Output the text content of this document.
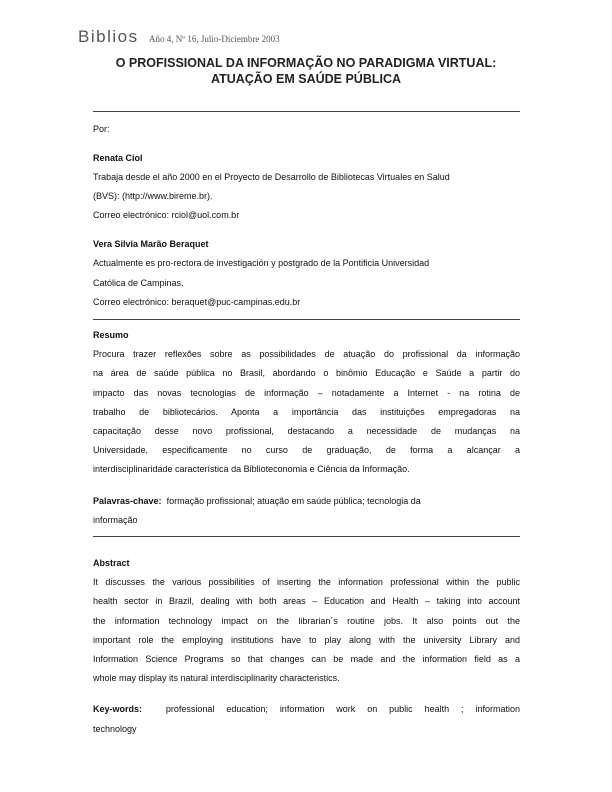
Biblios Año 4, Nº 16, Julio-Diciembre 2003
O PROFISSIONAL DA INFORMAÇÃO NO PARADIGMA VIRTUAL:
ATUAÇÃO EM SAÚDE PÚBLICA
Por:
Renata Ciol
Trabaja desde el año 2000 en el Proyecto de Desarrollo de Bibliotecas Virtuales en Salud
(BVS): (http://www.bireme.br).
Correo electrónico: rciol@uol.com.br
Vera Silvia Marão Beraquet
Actualmente es pro-rectora de investigación y postgrado de la Pontificia Universidad
Católica de Campinas.
Correo electrónico: beraquet@puc-campinas.edu.br
Resumo
Procura trazer reflexões sobre as possibilidades de atuação do profissional da informação
na área de saúde pública no Brasil, abordando o binômio Educação e Saúde a partir do
impacto das novas tecnologias de informação – notadamente a Internet - na rotina de
trabalho de bibliotecários. Aponta a importância das instituições empregadoras na
capacitação desse novo profissional, destacando a necessidade de mudanças na
Universidade, especificamente no curso de graduação, de forma a alcançar a
interdisciplinaridade característica da Biblioteconomia e Ciência da Informação.
Palavras-chave: formação profissional; atuação em saúde pública; tecnologia da
informação
Abstract
It discusses the various possibilities of inserting the information professional within the public
health sector in Brazil, dealing with both areas – Education and Health – taking into account
the information technology impact on the librarian´s routine jobs. It also points out the
important role the employing institutions have to play along with the university Library and
Information Science Programs so that changes can be made and the information field as a
whole may display its natural interdisciplinarity characteristics.
Key-words:	professional education; information work on public health ; information
technology
